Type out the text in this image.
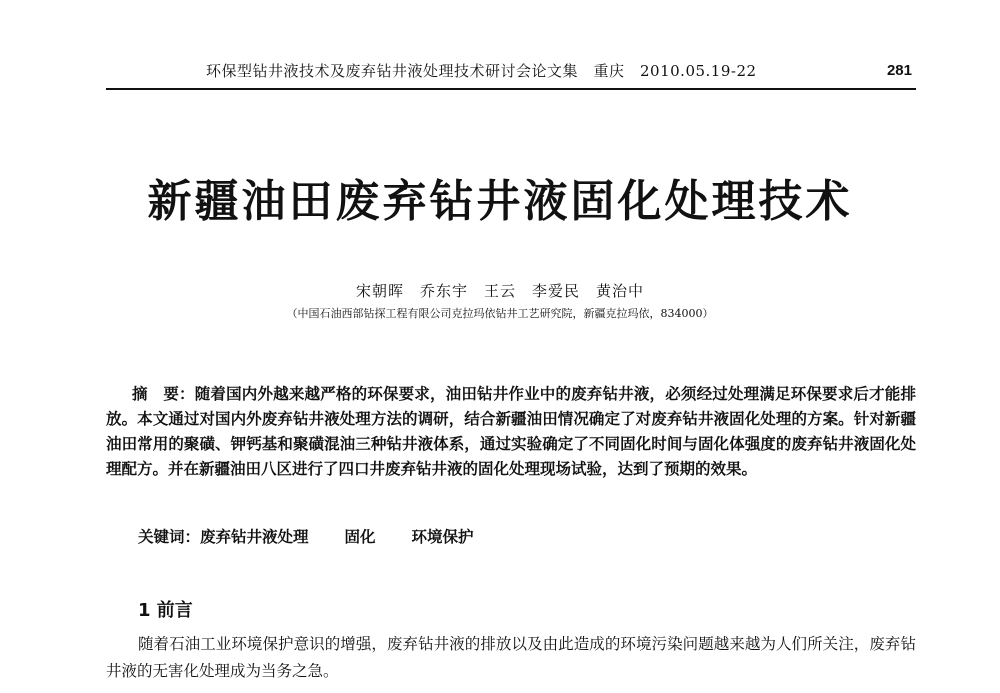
环保型钻井液技术及废弃钻井液处理技术研讨会论文集　重庆　2010.05.19-22	281
新疆油田废弃钻井液固化处理技术
宋朝晖　乔东宇　王云　李爱民　黄治中
（中国石油西部钻探工程有限公司克拉玛依钻井工艺研究院，新疆克拉玛依，834000）
摘　要：随着国内外越来越严格的环保要求，油田钻井作业中的废弃钻井液，必须经过处理满足环保要求后才能排放。本文通过对国内外废弃钻井液处理方法的调研，结合新疆油田情况确定了对废弃钻井液固化处理的方案。针对新疆油田常用的聚磺、钾钙基和聚磺混油三种钻井液体系，通过实验确定了不同固化时间与固化体强度的废弃钻井液固化处理配方。并在新疆油田八区进行了四口井废弃钻井液的固化处理现场试验，达到了预期的效果。
关键词：废弃钻井液处理 固化 环境保护
1 前言
随着石油工业环境保护意识的增强，废弃钻井液的排放以及由此造成的环境污染问题越来越为人们所关注，废弃钻井液的无害化处理成为当务之急。
